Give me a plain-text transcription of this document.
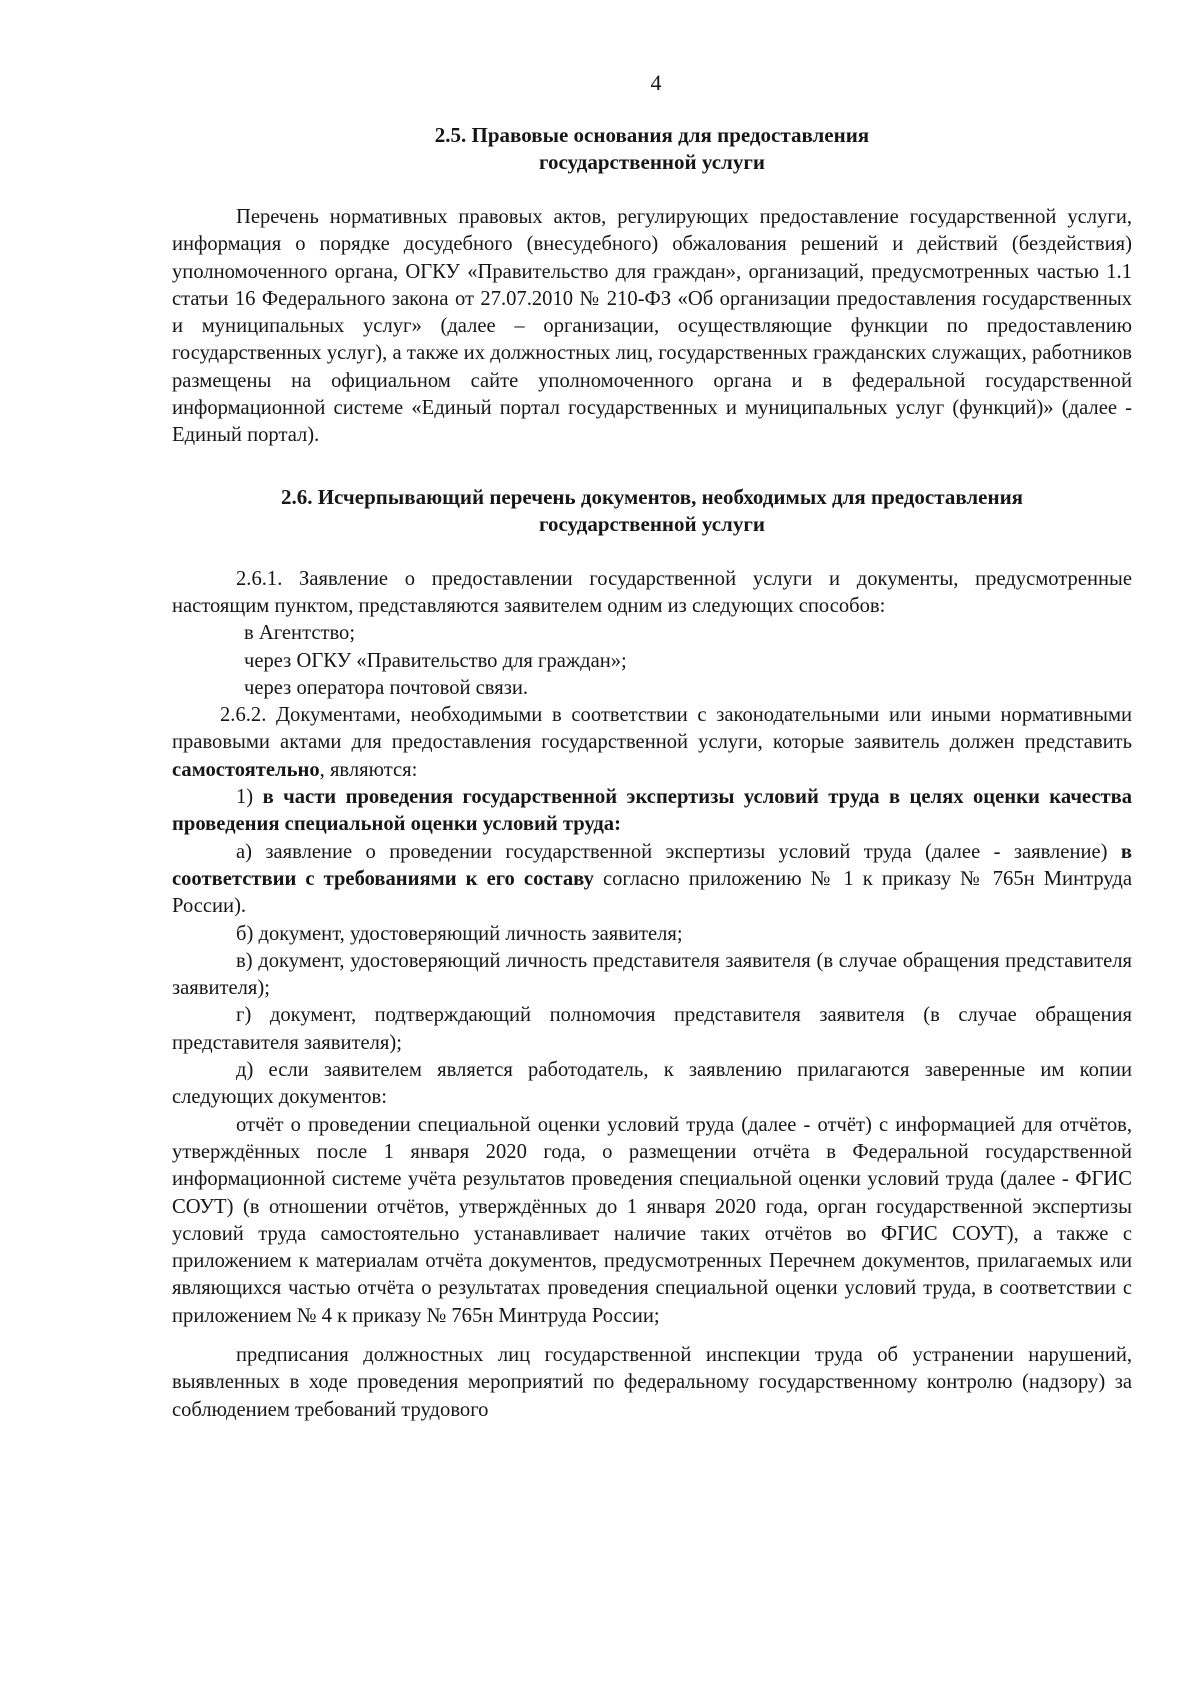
4
2.5. Правовые основания для предоставления
государственной услуги

Перечень нормативных правовых актов, регулирующих предоставление государственной услуги, информация о порядке досудебного (внесудебного) обжалования решений и действий (бездействия) уполномоченного органа, ОГКУ «Правительство для граждан», организаций, предусмотренных частью 1.1 статьи 16 Федерального закона от 27.07.2010 № 210-ФЗ «Об организации предоставления государственных и муниципальных услуг» (далее – организации, осуществляющие функции по предоставлению государственных услуг), а также их должностных лиц, государственных гражданских служащих, работников размещены на официальном сайте уполномоченного органа и в федеральной государственной информационной системе «Единый портал государственных и муниципальных услуг (функций)» (далее - Единый портал).

2.6. Исчерпывающий перечень документов, необходимых для предоставления
государственной услуги

2.6.1. Заявление о предоставлении государственной услуги и документы, предусмотренные настоящим пунктом, представляются заявителем одним из следующих способов:

в Агентство;
через ОГКУ «Правительство для граждан»;
через оператора почтовой связи.

2.6.2. Документами, необходимыми в соответствии с законодательными или иными нормативными правовыми актами для предоставления государственной услуги, которые заявитель должен представить самостоятельно, являются:

1) в части проведения государственной экспертизы условий труда в целях оценки качества проведения специальной оценки условий труда:

а) заявление о проведении государственной экспертизы условий труда (далее - заявление) в соответствии с требованиями к его составу согласно приложению № 1 к приказу № 765н Минтруда России).

б) документ, удостоверяющий личность заявителя;

в) документ, удостоверяющий личность представителя заявителя (в случае обращения представителя заявителя);

г) документ, подтверждающий полномочия представителя заявителя (в случае обращения представителя заявителя);

д) если заявителем является работодатель, к заявлению прилагаются заверенные им копии следующих документов:

отчёт о проведении специальной оценки условий труда (далее - отчёт) с информацией для отчётов, утверждённых после 1 января 2020 года, о размещении отчёта в Федеральной государственной информационной системе учёта результатов проведения специальной оценки условий труда (далее - ФГИС СОУТ) (в отношении отчётов, утверждённых до 1 января 2020 года, орган государственной экспертизы условий труда самостоятельно устанавливает наличие таких отчётов во ФГИС СОУТ), а также с приложением к материалам отчёта документов, предусмотренных Перечнем документов, прилагаемых или являющихся частью отчёта о результатах проведения специальной оценки условий труда, в соответствии с приложением № 4 к приказу № 765н Минтруда России;

предписания должностных лиц государственной инспекции труда об устранении нарушений, выявленных в ходе проведения мероприятий по федеральному государственному контролю (надзору) за соблюдением требований трудового
